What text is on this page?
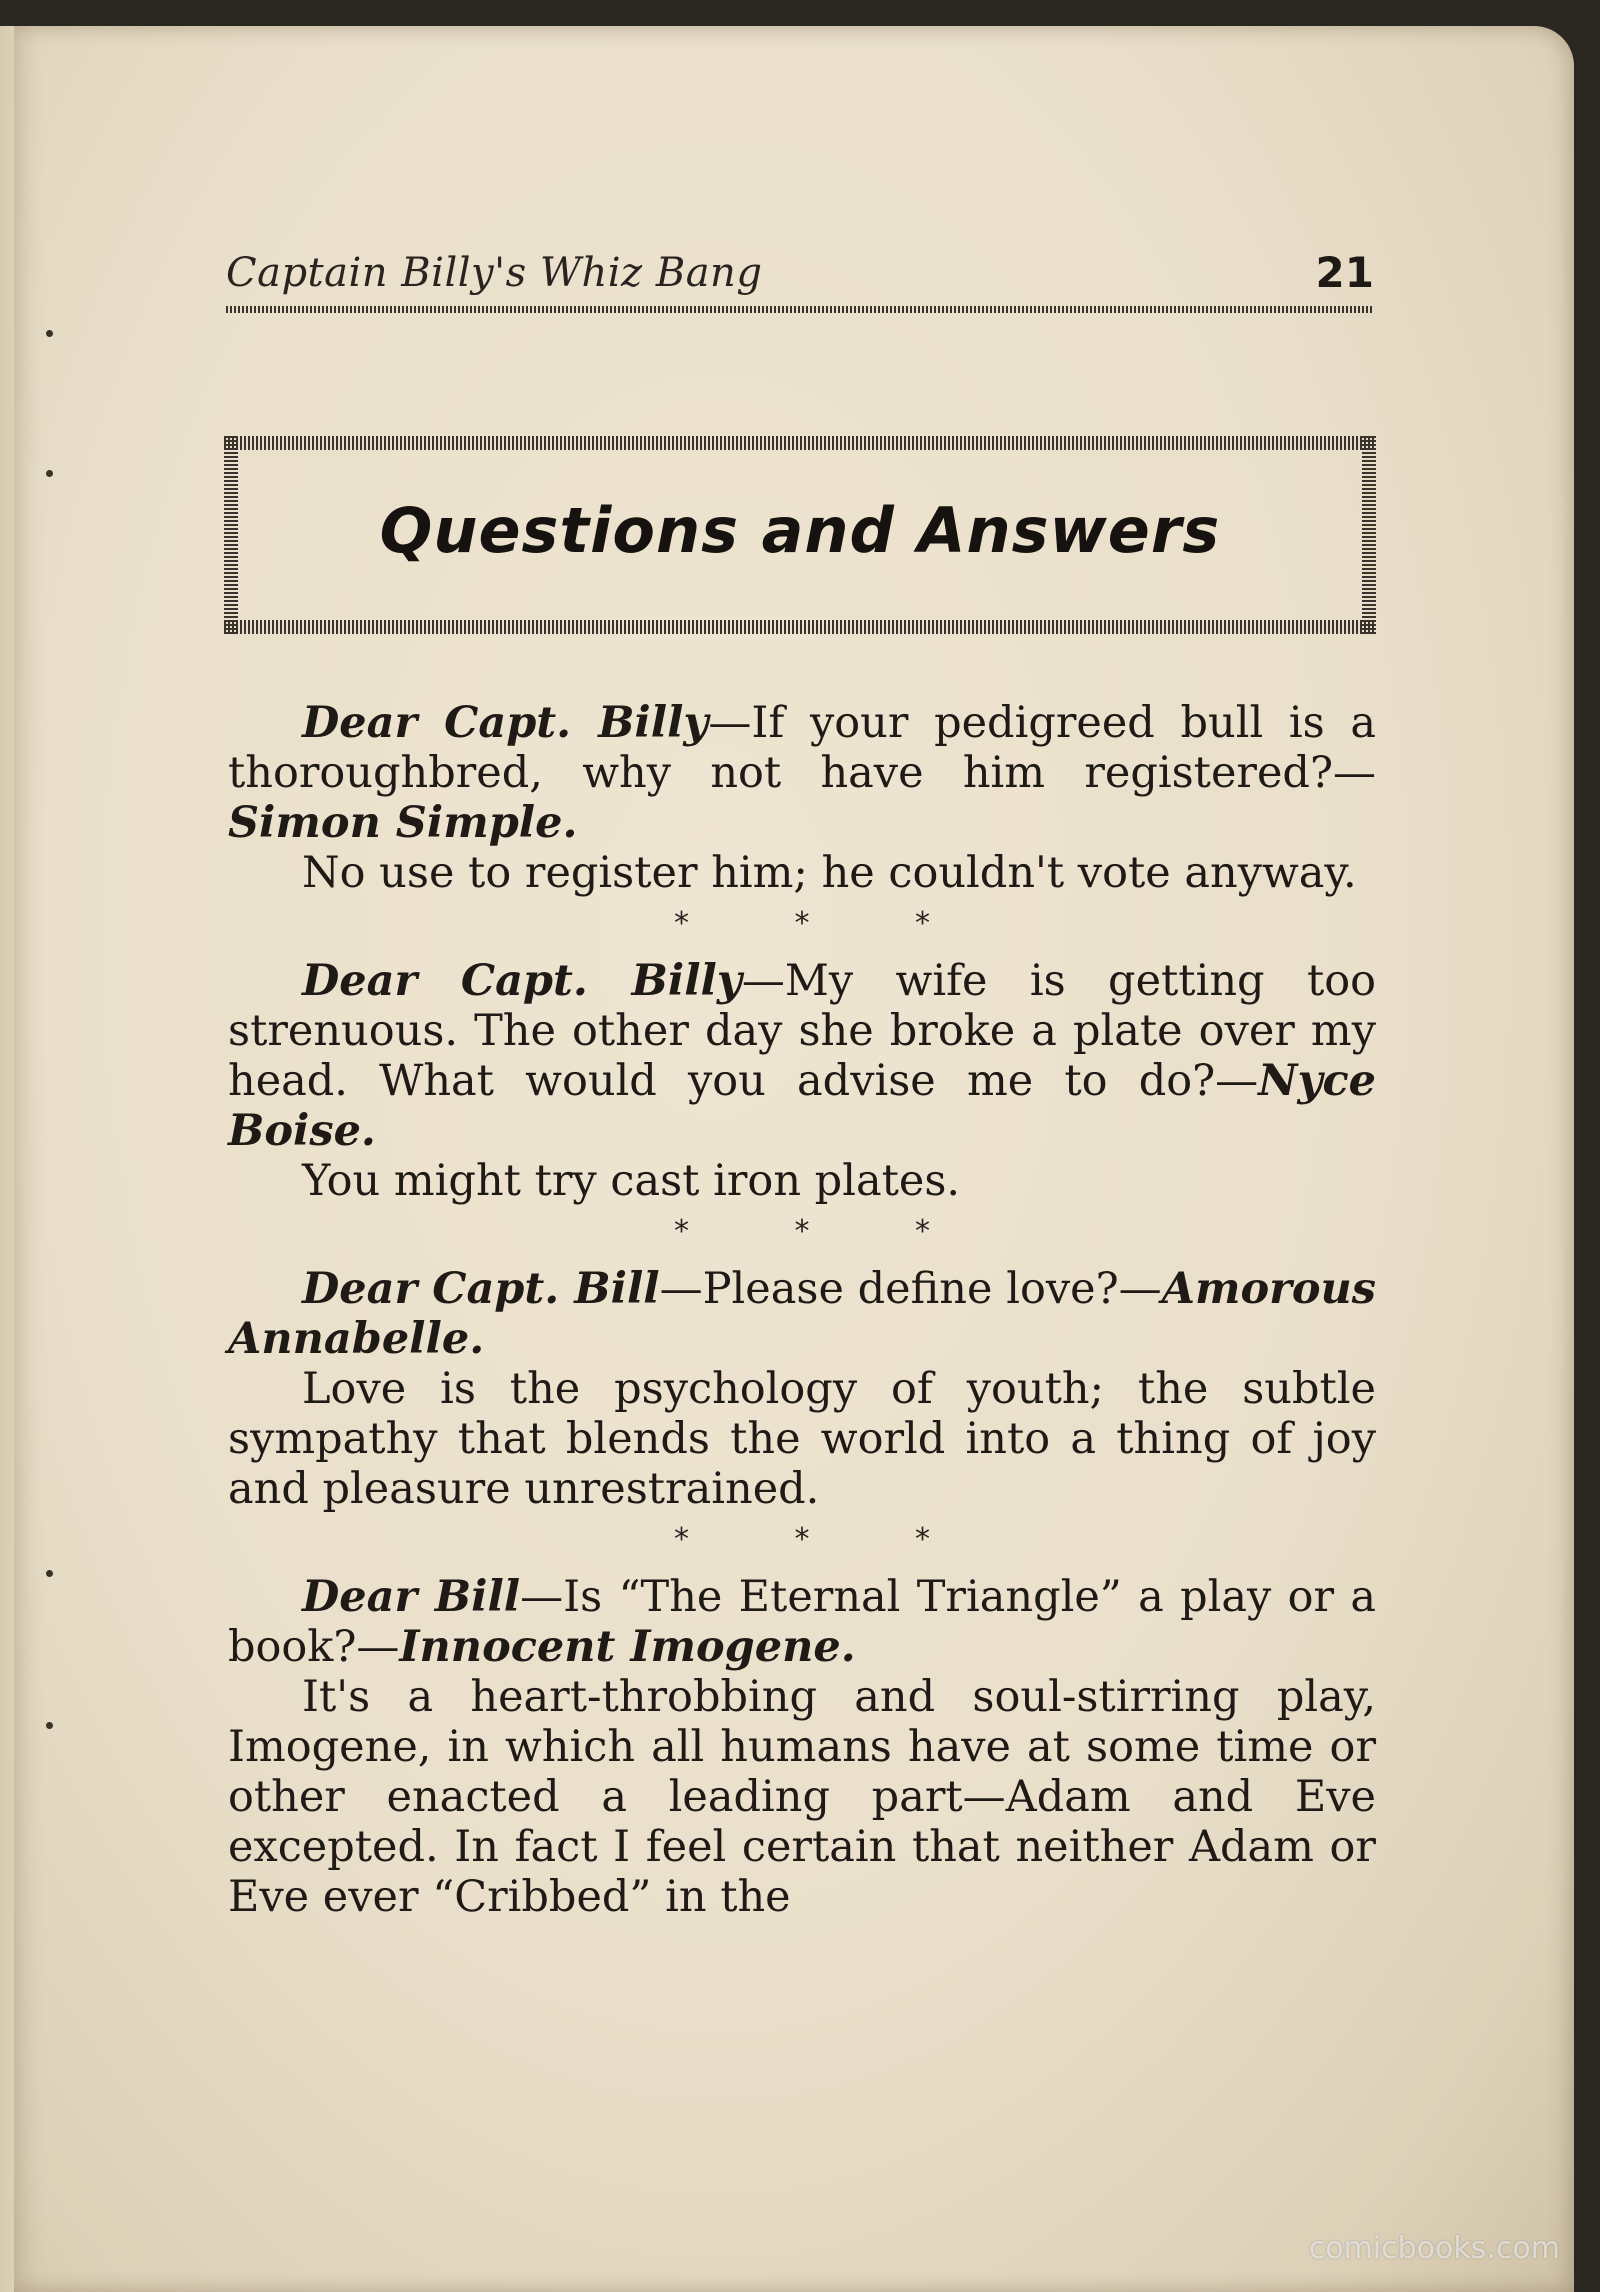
Captain Billy's Whiz Bang	21
Questions and Answers

Dear Capt. Billy—If your pedigreed bull is a thoroughbred, why not have him registered?—Simon Simple.

No use to register him; he couldn't vote anyway.

* * *

Dear Capt. Billy—My wife is getting too strenuous. The other day she broke a plate over my head. What would you advise me to do?—Nyce Boise.

You might try cast iron plates.

* * *

Dear Capt. Bill—Please define love?—Amorous Annabelle.

Love is the psychology of youth; the subtle sympathy that blends the world into a thing of joy and pleasure unrestrained.

* * *

Dear Bill—Is “The Eternal Triangle” a play or a book?—Innocent Imogene.

It's a heart-throbbing and soul-stirring play, Imogene, in which all humans have at some time or other enacted a leading part—Adam and Eve excepted. In fact I feel certain that neither Adam or Eve ever “Cribbed” in the

comicbooks.com
